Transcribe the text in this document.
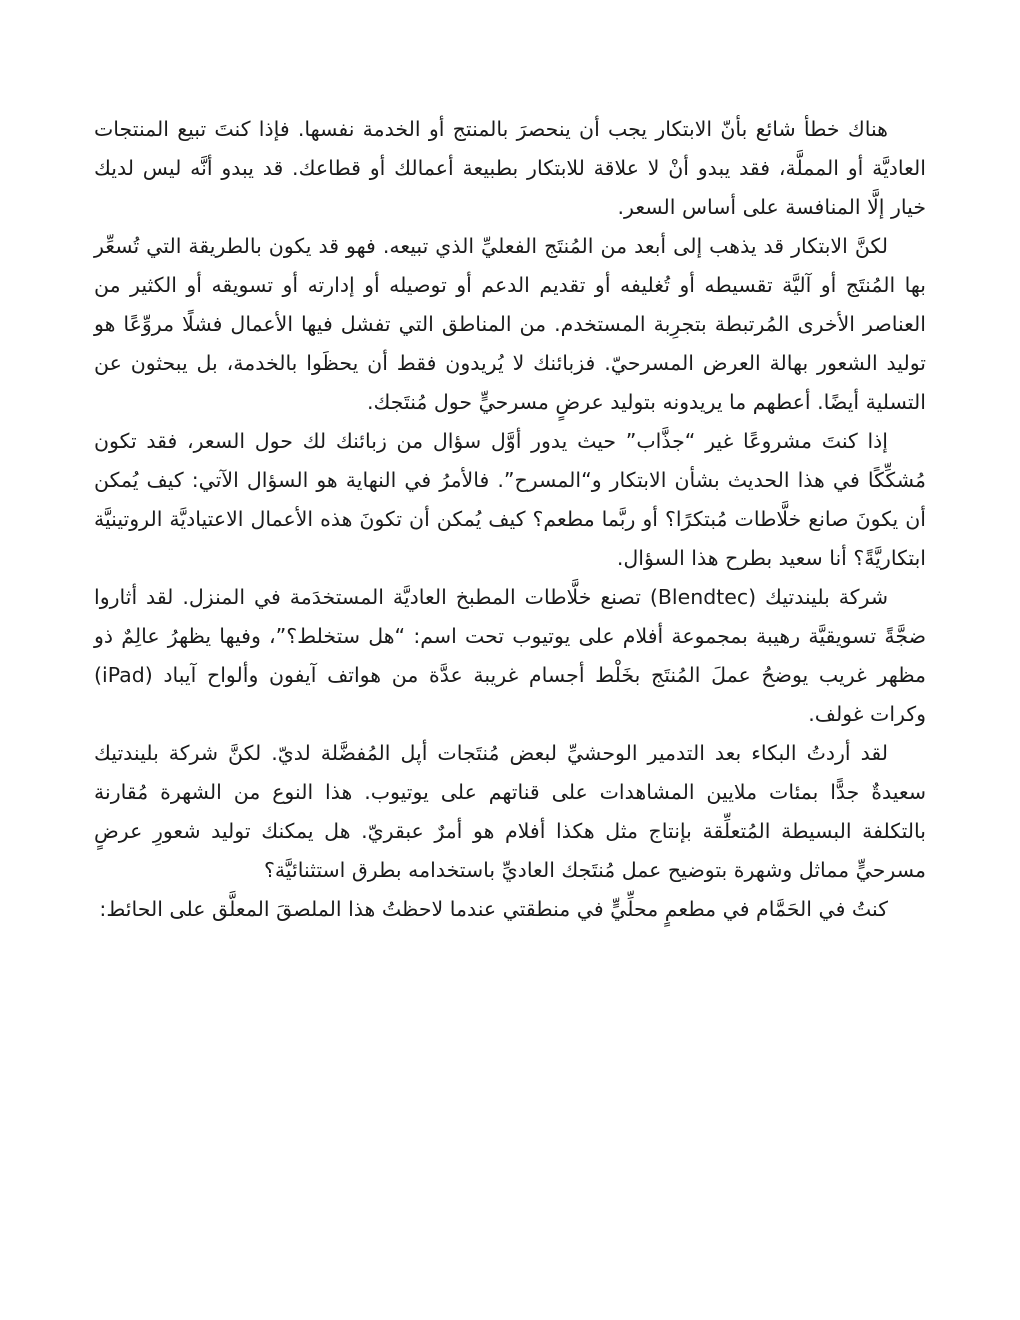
هناك خطأ شائع بأنّ الابتكار يجب أن ينحصرَ بالمنتج أو الخدمة نفسها. فإذا كنتَ تبيع المنتجات العاديَّة أو المملَّة، فقد يبدو أنْ لا علاقة للابتكار بطبيعة أعمالك أو قطاعك. قد يبدو أنَّه ليس لديك خيار إلَّا المنافسة على أساس السعر.

لكنَّ الابتكار قد يذهب إلى أبعد من المُنتَج الفعليِّ الذي تبيعه. فهو قد يكون بالطريقة التي تُسعِّر بها المُنتَج أو آليَّة تقسيطه أو تُغليفه أو تقديم الدعم أو توصيله أو إدارته أو تسويقه أو الكثير من العناصر الأخرى المُرتبطة بتجرِبة المستخدم. من المناطق التي تفشل فيها الأعمال فشلًا مروِّعًا هو توليد الشعور بهالة العرض المسرحيّ. فزبائنك لا يُريدون فقط أن يحظَوا بالخدمة، بل يبحثون عن التسلية أيضًا. أعطهم ما يريدونه بتوليد عرضٍ مسرحيٍّ حول مُنتَجك.

إذا كنتَ مشروعًا غير “جذَّاب” حيث يدور أوَّل سؤال من زبائنك لك حول السعر، فقد تكون مُشكِّكًا في هذا الحديث بشأن الابتكار و“المسرح”. فالأمرُ في النهاية هو السؤال الآتي: كيف يُمكن أن يكونَ صانع خلَّاطات مُبتكرًا؟ أو ربَّما مطعم؟ كيف يُمكن أن تكونَ هذه الأعمال الاعتياديَّة الروتينيَّة ابتكاريَّةً؟ أنا سعيد بطرح هذا السؤال.

شركة بليندتيك (Blendtec) تصنع خلَّاطات المطبخ العاديَّة المستخدَمة في المنزل. لقد أثاروا ضجَّةً تسويقيَّة رهيبة بمجموعة أفلام على يوتيوب تحت اسم: “هل ستخلط؟”، وفيها يظهرُ عالِمٌ ذو مظهر غريب يوضحُ عملَ المُنتَج بخَلْط أجسام غريبة عدَّة من هواتف آيفون وألواح آيباد (iPad) وكرات غولف.

لقد أردتُ البكاء بعد التدمير الوحشيِّ لبعض مُنتَجات أپل المُفضَّلة لديّ. لكنَّ شركة بليندتيك سعيدةٌ جدًّا بمئات ملايين المشاهدات على قناتهم على يوتيوب. هذا النوع من الشهرة مُقارنة بالتكلفة البسيطة المُتعلِّقة بإنتاج مثل هكذا أفلام هو أمرٌ عبقريّ. هل يمكنك توليد شعورِ عرضٍ مسرحيٍّ مماثل وشهرة بتوضيح عمل مُنتَجك العاديِّ باستخدامه بطرق استثنائيَّة؟

كنتُ في الحَمَّام في مطعمٍ محلِّيٍّ في منطقتي عندما لاحظتُ هذا الملصقَ المعلَّق على الحائط:
